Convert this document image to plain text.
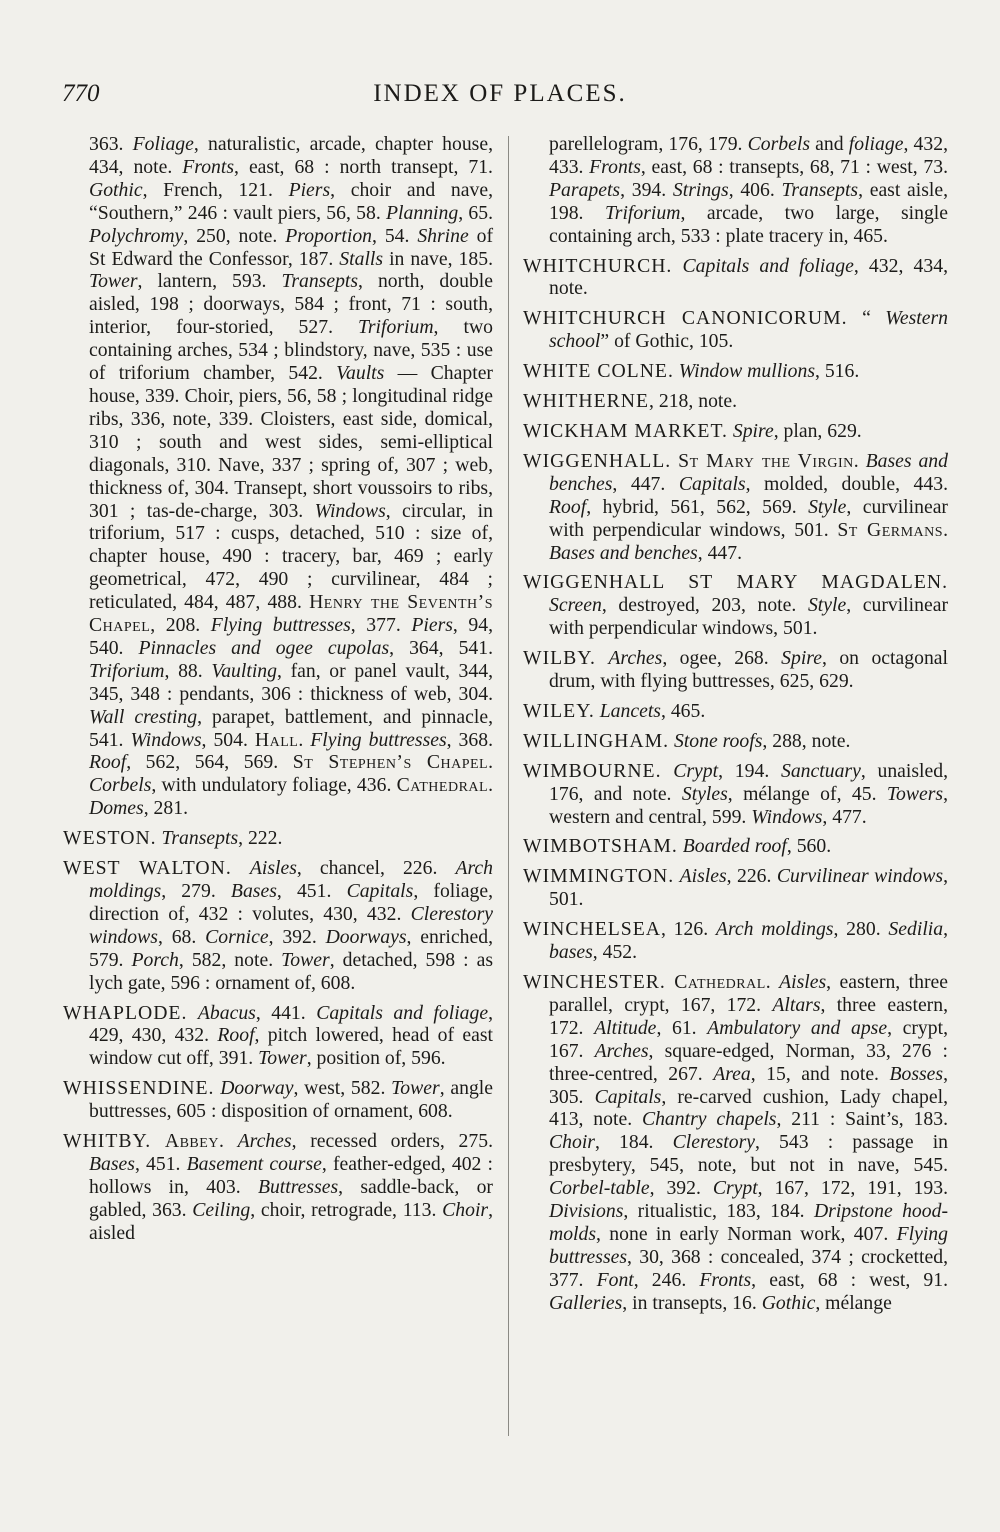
770	INDEX OF PLACES.
363. Foliage, naturalistic, arcade, chapter house, 434, note. Fronts, east, 68 : north transept, 71. Gothic, French, 121. Piers, choir and nave, “Southern,” 246 : vault piers, 56, 58. Planning, 65. Polychromy, 250, note. Proportion, 54. Shrine of St Edward the Confessor, 187. Stalls in nave, 185. Tower, lantern, 593. Transepts, north, double aisled, 198 ; doorways, 584 ; front, 71 : south, interior, four-storied, 527. Triforium, two containing arches, 534 ; blindstory, nave, 535 : use of triforium chamber, 542. Vaults — Chapter house, 339. Choir, piers, 56, 58 ; longitudinal ridge ribs, 336, note, 339. Cloisters, east side, domical, 310 ; south and west sides, semi-elliptical diagonals, 310. Nave, 337 ; spring of, 307 ; web, thickness of, 304. Transept, short voussoirs to ribs, 301 ; tas-de-charge, 303. Windows, circular, in triforium, 517 : cusps, detached, 510 : size of, chapter house, 490 : tracery, bar, 469 ; early geometrical, 472, 490 ; curvilinear, 484 ; reticulated, 484, 487, 488. Henry the Seventh’s Chapel, 208. Flying buttresses, 377. Piers, 94, 540. Pinnacles and ogee cupolas, 364, 541. Triforium, 88. Vaulting, fan, or panel vault, 344, 345, 348 : pendants, 306 : thickness of web, 304. Wall cresting, parapet, battlement, and pinnacle, 541. Windows, 504. Hall. Flying buttresses, 368. Roof, 562, 564, 569. St Stephen’s Chapel. Corbels, with undulatory foliage, 436. Cathedral. Domes, 281.
WESTON. Transepts, 222.
WEST WALTON. Aisles, chancel, 226. Arch moldings, 279. Bases, 451. Capitals, foliage, direction of, 432 : volutes, 430, 432. Clerestory windows, 68. Cornice, 392. Doorways, enriched, 579. Porch, 582, note. Tower, detached, 598 : as lych gate, 596 : ornament of, 608.
WHAPLODE. Abacus, 441. Capitals and foliage, 429, 430, 432. Roof, pitch lowered, head of east window cut off, 391. Tower, position of, 596.
WHISSENDINE. Doorway, west, 582. Tower, angle buttresses, 605 : disposition of ornament, 608.
WHITBY. Abbey. Arches, recessed orders, 275. Bases, 451. Basement course, feather-edged, 402 : hollows in, 403. Buttresses, saddle-back, or gabled, 363. Ceiling, choir, retrograde, 113. Choir, aisled
parellelogram, 176, 179. Corbels and foliage, 432, 433. Fronts, east, 68 : transepts, 68, 71 : west, 73. Parapets, 394. Strings, 406. Transepts, east aisle, 198. Triforium, arcade, two large, single containing arch, 533 : plate tracery in, 465.
WHITCHURCH. Capitals and foliage, 432, 434, note.
WHITCHURCH CANONICORUM. “ Western school” of Gothic, 105.
WHITE COLNE. Window mullions, 516.
WHITHERNE, 218, note.
WICKHAM MARKET. Spire, plan, 629.
WIGGENHALL. St Mary the Virgin. Bases and benches, 447. Capitals, molded, double, 443. Roof, hybrid, 561, 562, 569. Style, curvilinear with perpendicular windows, 501. St Germans. Bases and benches, 447.
WIGGENHALL ST MARY MAGDALEN. Screen, destroyed, 203, note. Style, curvilinear with perpendicular windows, 501.
WILBY. Arches, ogee, 268. Spire, on octagonal drum, with flying buttresses, 625, 629.
WILEY. Lancets, 465.
WILLINGHAM. Stone roofs, 288, note.
WIMBOURNE. Crypt, 194. Sanctuary, unaisled, 176, and note. Styles, mélange of, 45. Towers, western and central, 599. Windows, 477.
WIMBOTSHAM. Boarded roof, 560.
WIMMINGTON. Aisles, 226. Curvilinear windows, 501.
WINCHELSEA, 126. Arch moldings, 280. Sedilia, bases, 452.
WINCHESTER. Cathedral. Aisles, eastern, three parallel, crypt, 167, 172. Altars, three eastern, 172. Altitude, 61. Ambulatory and apse, crypt, 167. Arches, square-edged, Norman, 33, 276 : three-centred, 267. Area, 15, and note. Bosses, 305. Capitals, re-carved cushion, Lady chapel, 413, note. Chantry chapels, 211 : Saint’s, 183. Choir, 184. Clerestory, 543 : passage in presbytery, 545, note, but not in nave, 545. Corbel-table, 392. Crypt, 167, 172, 191, 193. Divisions, ritualistic, 183, 184. Dripstone hood-molds, none in early Norman work, 407. Flying buttresses, 30, 368 : concealed, 374 ; crocketted, 377. Font, 246. Fronts, east, 68 : west, 91. Galleries, in transepts, 16. Gothic, mélange
